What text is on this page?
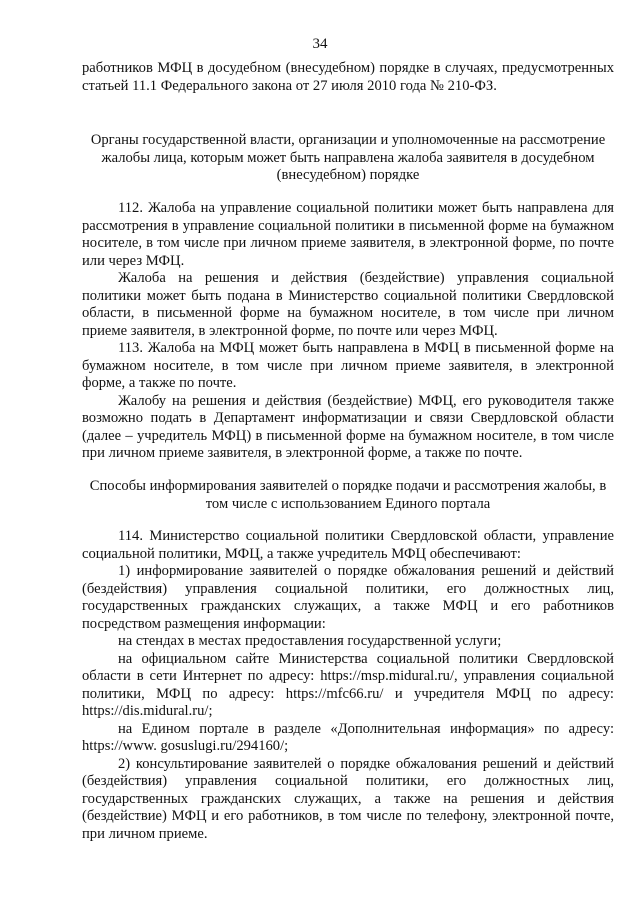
34

работников МФЦ в досудебном (внесудебном) порядке в случаях, предусмотренных статьей 11.1 Федерального закона от 27 июля 2010 года № 210-ФЗ.

Органы государственной власти, организации и уполномоченные на рассмотрение жалобы лица, которым может быть направлена жалоба заявителя в досудебном (внесудебном) порядке

112. Жалоба на управление социальной политики может быть направлена для рассмотрения в управление социальной политики в письменной форме на бумажном носителе, в том числе при личном приеме заявителя, в электронной форме, по почте или через МФЦ.

Жалоба на решения и действия (бездействие) управления социальной политики может быть подана в Министерство социальной политики Свердловской области, в письменной форме на бумажном носителе, в том числе при личном приеме заявителя, в электронной форме, по почте или через МФЦ.

113. Жалоба на МФЦ может быть направлена в МФЦ в письменной форме на бумажном носителе, в том числе при личном приеме заявителя, в электронной форме, а также по почте.

Жалобу на решения и действия (бездействие) МФЦ, его руководителя также возможно подать в Департамент информатизации и связи Свердловской области (далее – учредитель МФЦ) в письменной форме на бумажном носителе, в том числе при личном приеме заявителя, в электронной форме, а также по почте.

Способы информирования заявителей о порядке подачи и рассмотрения жалобы, в том числе с использованием Единого портала

114. Министерство социальной политики Свердловской области, управление социальной политики, МФЦ, а также учредитель МФЦ обеспечивают:

1) информирование заявителей о порядке обжалования решений и действий (бездействия) управления социальной политики, его должностных лиц, государственных гражданских служащих, а также МФЦ и его работников посредством размещения информации:

на стендах в местах предоставления государственной услуги;

на официальном сайте Министерства социальной политики Свердловской области в сети Интернет по адресу: https://msp.midural.ru/, управления социальной политики, МФЦ по адресу: https://mfc66.ru/ и учредителя МФЦ по адресу: https://dis.midural.ru/;

на Едином портале в разделе «Дополнительная информация» по адресу: https://www. gosuslugi.ru/294160/;

2) консультирование заявителей о порядке обжалования решений и действий (бездействия) управления социальной политики, его должностных лиц, государственных гражданских служащих, а также на решения и действия (бездействие) МФЦ и его работников, в том числе по телефону, электронной почте, при личном приеме.
